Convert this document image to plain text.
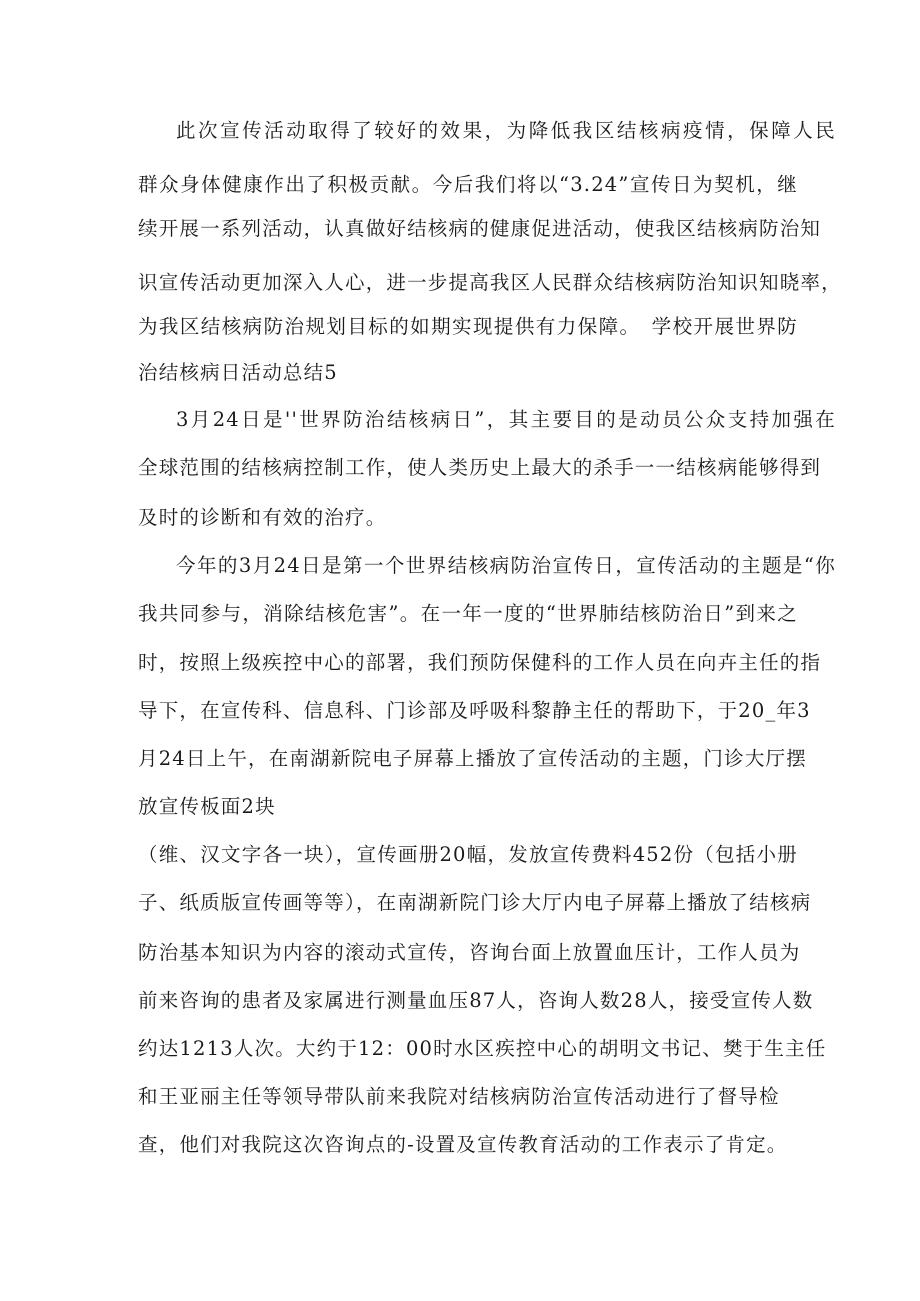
此次宣传活动取得了较好的效果，为降低我区结核病疫情，保障人民
群众身体健康作出了积极贡献。今后我们将以“3.24”宣传日为契机，继
续开展一系列活动，认真做好结核病的健康促进活动，使我区结核病防治知
识宣传活动更加深入人心，进一步提高我区人民群众结核病防治知识知晓率，
为我区结核病防治规划目标的如期实现提供有力保障。　学校开展世界防
治结核病日活动总结5
3月24日是''世界防治结核病日”，其主要目的是动员公众支持加强在
全球范围的结核病控制工作，使人类历史上最大的杀手一一结核病能够得到
及时的诊断和有效的治疗。
今年的3月24日是第一个世界结核病防治宣传日，宣传活动的主题是“你
我共同参与，消除结核危害”。在一年一度的“世界肺结核防治日”到来之
时，按照上级疾控中心的部署，我们预防保健科的工作人员在向卉主任的指
导下，在宣传科、信息科、门诊部及呼吸科黎静主任的帮助下，于20_年3
月24日上午，在南湖新院电子屏幕上播放了宣传活动的主题，门诊大厅摆
放宣传板面2块
（维、汉文字各一块），宣传画册20幅，发放宣传费料452份（包括小册
子、纸质版宣传画等等），在南湖新院门诊大厅内电子屏幕上播放了结核病
防治基本知识为内容的滚动式宣传，咨询台面上放置血压计，工作人员为
前来咨询的患者及家属进行测量血压87人，咨询人数28人，接受宣传人数
约达1213人次。大约于12：00时水区疾控中心的胡明文书记、樊于生主任
和王亚丽主任等领导带队前来我院对结核病防治宣传活动进行了督导检
查，他们对我院这次咨询点的-设置及宣传教育活动的工作表示了肯定。
